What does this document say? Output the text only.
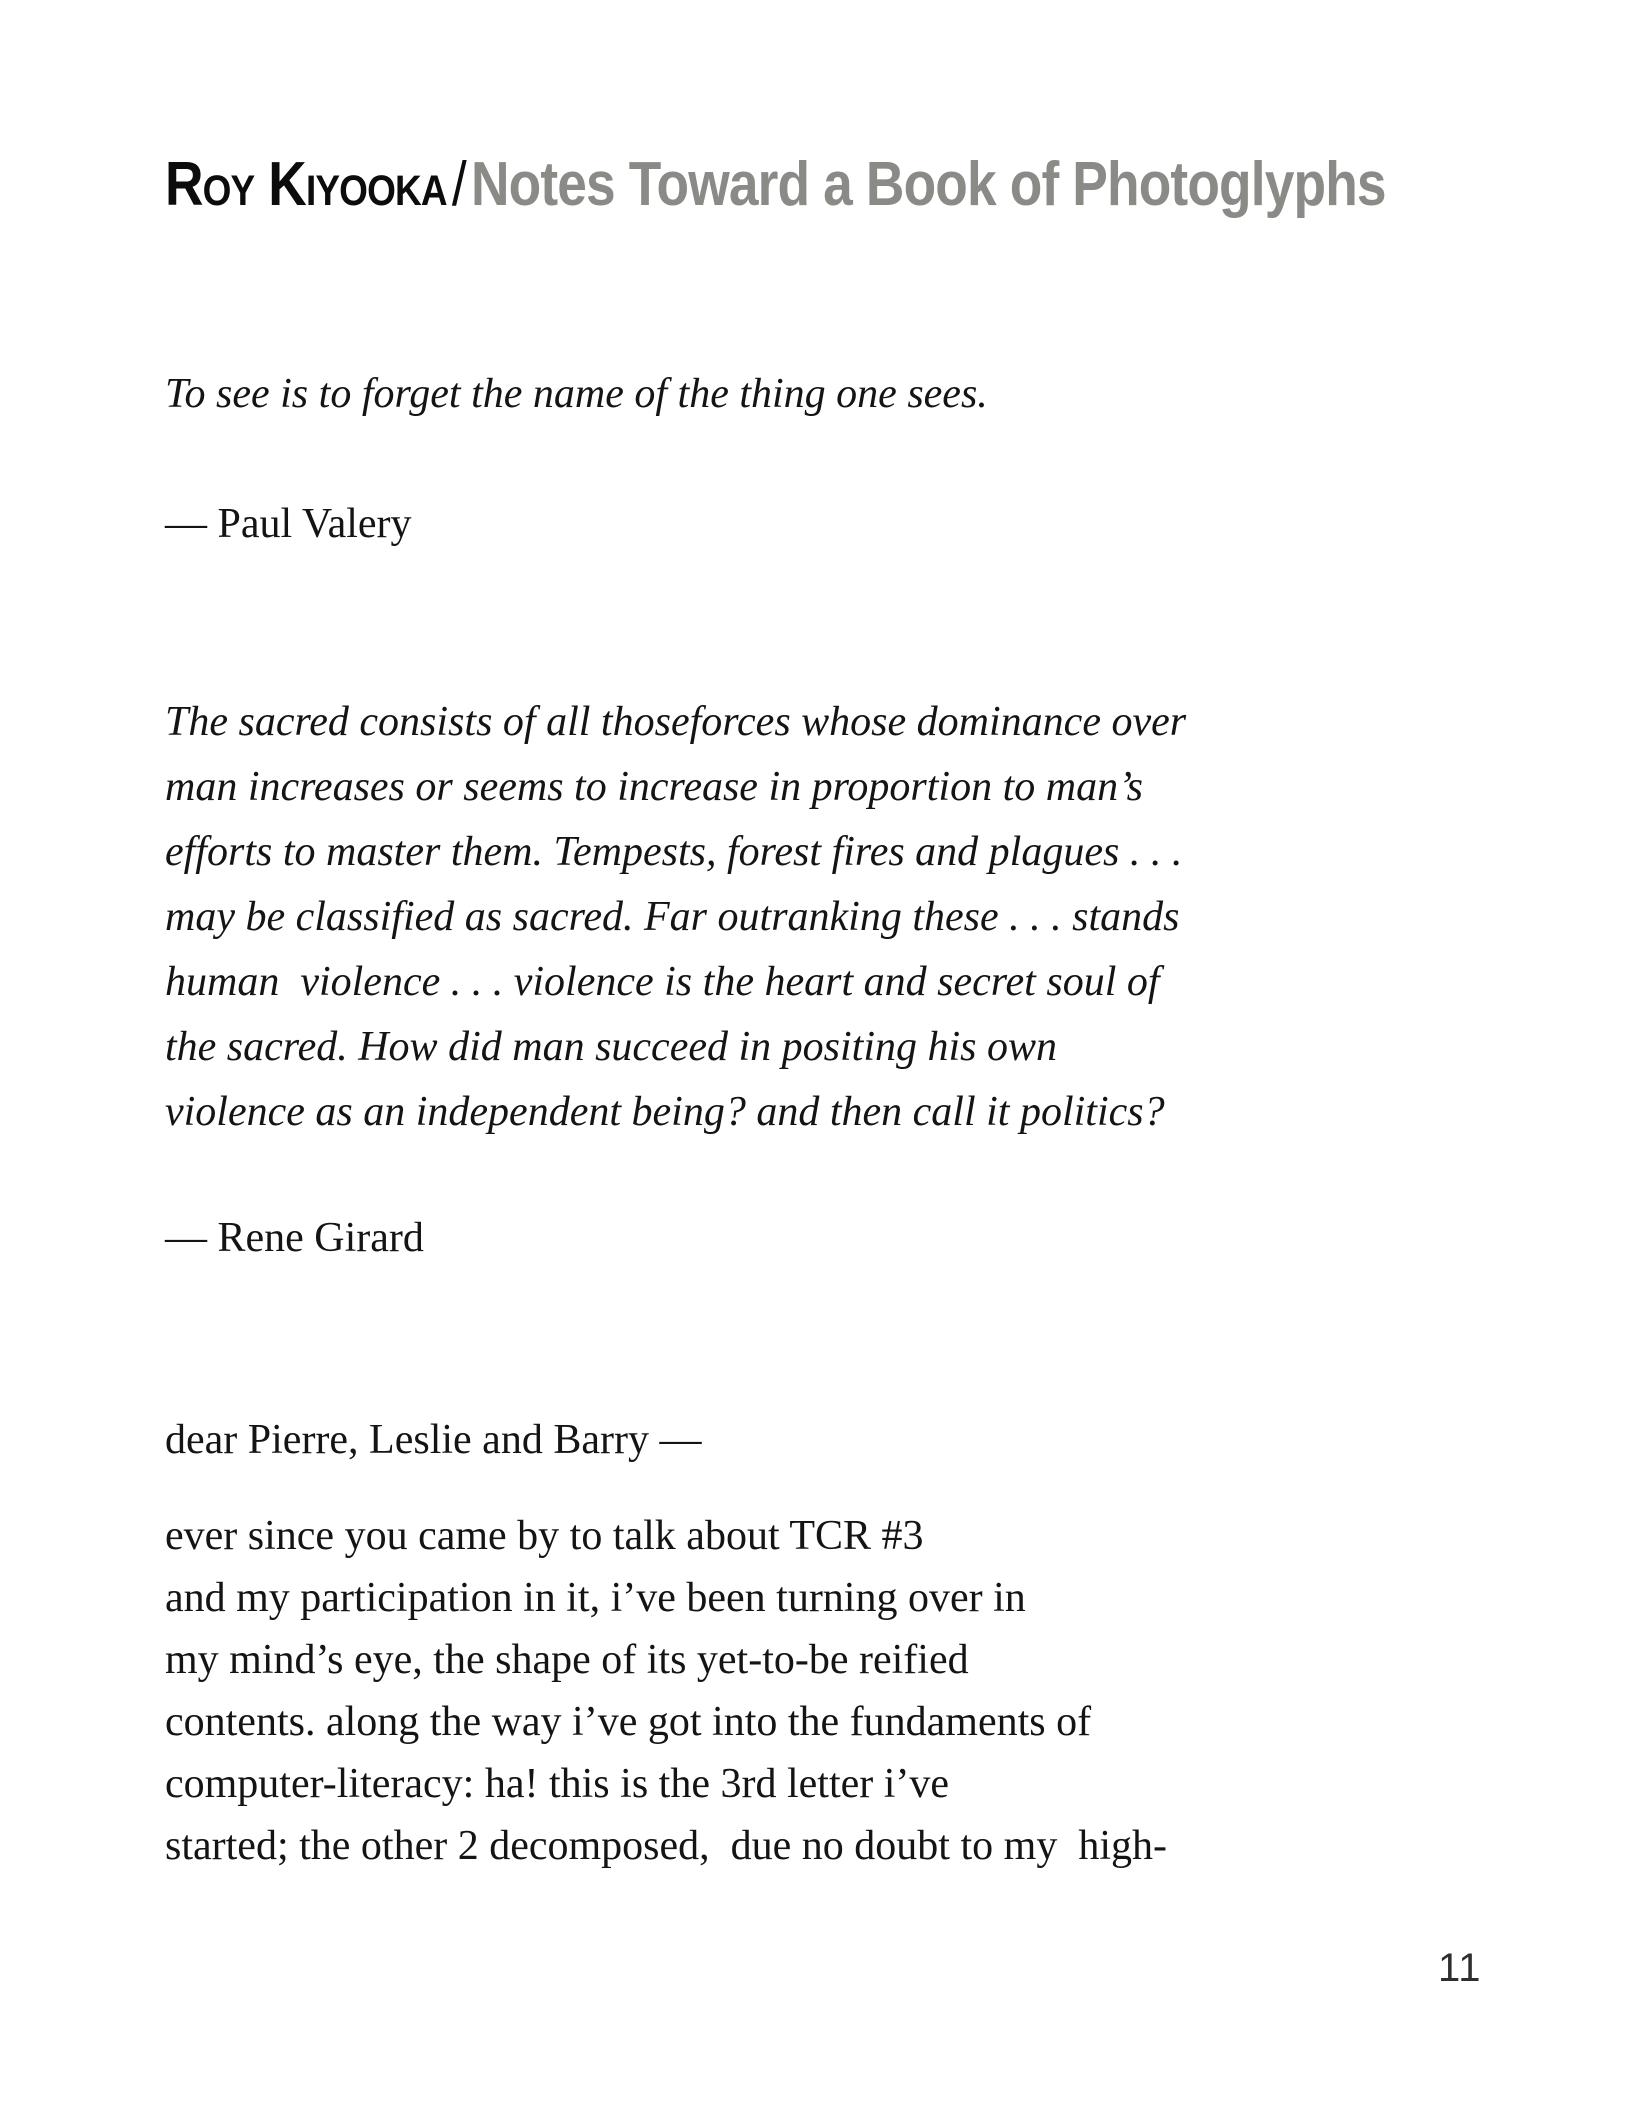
Roy Kiyooka/Notes Toward a Book of Photoglyphs
To see is to forget the name of the thing one sees.
— Paul Valery
The sacred consists of all thoseforces whose dominance over
man increases or seems to increase in proportion to man’s
efforts to master them. Tempests, forest fires and plagues . . .
may be classified as sacred. Far outranking these . . . stands
human  violence . . . violence is the heart and secret soul of
the sacred. How did man succeed in positing his own
violence as an independent being? and then call it politics?
— Rene Girard
dear Pierre, Leslie and Barry —
ever since you came by to talk about TCR #3
and my participation in it, i’ve been turning over in
my mind’s eye, the shape of its yet-to-be reified
contents. along the way i’ve got into the fundaments of
computer-literacy: ha! this is the 3rd letter i’ve
started; the other 2 decomposed,  due no doubt to my  high-
11
